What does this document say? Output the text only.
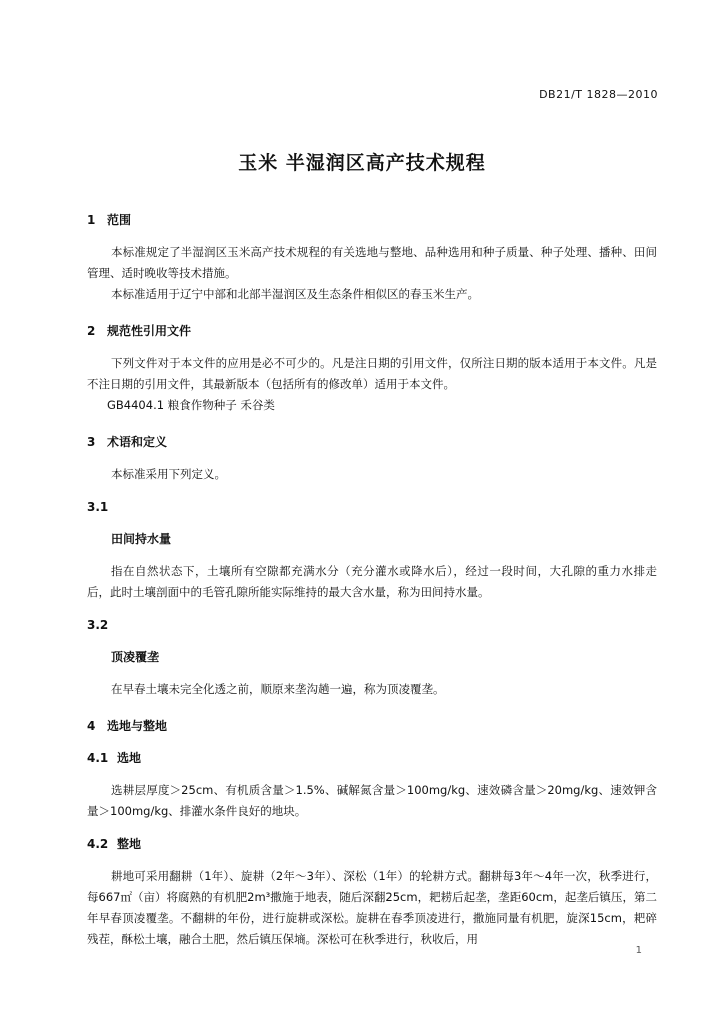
DB21/T 1828—2010
玉米 半湿润区高产技术规程
1 范围

本标准规定了半湿润区玉米高产技术规程的有关选地与整地、品种选用和种子质量、种子处理、播种、田间管理、适时晚收等技术措施。

本标准适用于辽宁中部和北部半湿润区及生态条件相似区的春玉米生产。

2 规范性引用文件

下列文件对于本文件的应用是必不可少的。凡是注日期的引用文件，仅所注日期的版本适用于本文件。凡是不注日期的引用文件，其最新版本（包括所有的修改单）适用于本文件。

GB4404.1 粮食作物种子 禾谷类

3 术语和定义

本标准采用下列定义。

3.1
田间持水量

指在自然状态下，土壤所有空隙都充满水分（充分灌水或降水后），经过一段时间，大孔隙的重力水排走后，此时土壤剖面中的毛管孔隙所能实际维持的最大含水量，称为田间持水量。

3.2
顶凌覆垄

在早春土壤未完全化透之前，顺原来垄沟趟一遍，称为顶凌覆垄。

4 选地与整地
4.1 选地

选耕层厚度＞25cm、有机质含量＞1.5%、碱解氮含量＞100mg/kg、速效磷含量＞20mg/kg、速效钾含量＞100mg/kg、排灌水条件良好的地块。

4.2 整地

耕地可采用翻耕（1年）、旋耕（2年～3年）、深松（1年）的轮耕方式。翻耕每3年～4年一次，秋季进行，每667㎡（亩）将腐熟的有机肥2m³撒施于地表，随后深翻25cm，耙耢后起垄，垄距60cm，起垄后镇压，第二年早春顶凌覆垄。不翻耕的年份，进行旋耕或深松。旋耕在春季顶凌进行，撒施同量有机肥，旋深15cm，耙碎残茬，酥松土壤，融合土肥，然后镇压保墒。深松可在秋季进行，秋收后，用

1
